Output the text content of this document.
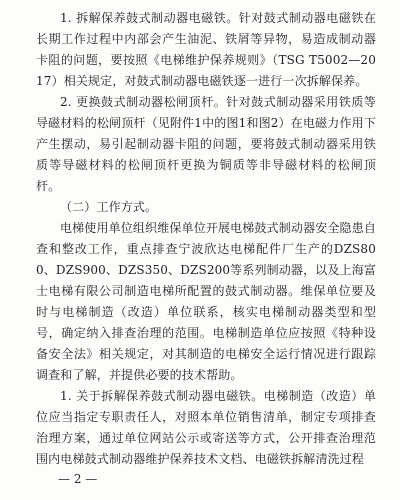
1. 拆解保养鼓式制动器电磁铁。针对鼓式制动器电磁铁在长期工作过程中内部会产生油泥、铁屑等异物，易造成制动器卡阻的问题，要按照《电梯维护保养规则》（TSG T5002—2017）相关规定，对鼓式制动器电磁铁逐一进行一次拆解保养。

2. 更换鼓式制动器松闸顶杆。针对鼓式制动器采用铁质等导磁材料的松闸顶杆（见附件1中的图1和图2）在电磁力作用下产生摆动，易引起制动器卡阻的问题，要将鼓式制动器采用铁质等导磁材料的松闸顶杆更换为铜质等非导磁材料的松闸顶杆。

（二）工作方式。

电梯使用单位组织维保单位开展电梯鼓式制动器安全隐患自查和整改工作，重点排查宁波欣达电梯配件厂生产的DZS800、DZS900、DZS350、DZS200等系列制动器，以及上海富士电梯有限公司制造电梯所配置的鼓式制动器。维保单位要及时与电梯制造（改造）单位联系，核实电梯制动器类型和型号，确定纳入排查治理的范围。电梯制造单位应按照《特种设备安全法》相关规定，对其制造的电梯安全运行情况进行跟踪调查和了解，并提供必要的技术帮助。

1. 关于拆解保养鼓式制动器电磁铁。电梯制造（改造）单位应当指定专职责任人，对照本单位销售清单，制定专项排查治理方案，通过单位网站公示或寄送等方式，公开排查治理范围内电梯鼓式制动器维护保养技术文档、电磁铁拆解清洗过程

— 2 —
